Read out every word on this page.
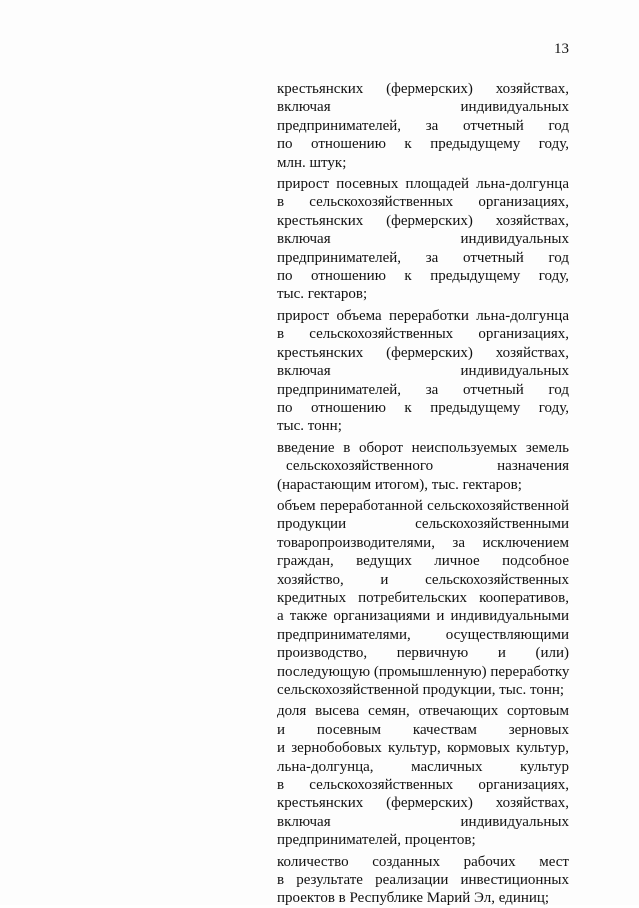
13
крестьянских (фермерских) хозяйствах,
включая индивидуальных
предпринимателей, за отчетный год
по отношению к предыдущему году,
млн. штук;
прирост посевных площадей льна-долгунца
в сельскохозяйственных организациях,
крестьянских (фермерских) хозяйствах,
включая индивидуальных
предпринимателей, за отчетный год
по отношению к предыдущему году,
тыс. гектаров;
прирост объема переработки льна-долгунца
в сельскохозяйственных организациях,
крестьянских (фермерских) хозяйствах,
включая индивидуальных
предпринимателей, за отчетный год
по отношению к предыдущему году,
тыс. тонн;
введение в оборот неиспользуемых земель
сельскохозяйственного назначения
(нарастающим итогом), тыс. гектаров;
объем переработанной сельскохозяйственной
продукции сельскохозяйственными
товаропроизводителями, за исключением
граждан, ведущих личное подсобное
хозяйство, и сельскохозяйственных
кредитных потребительских кооперативов,
а также организациями и индивидуальными
предпринимателями, осуществляющими
производство, первичную и (или)
последующую (промышленную) переработку
сельскохозяйственной продукции, тыс. тонн;
доля высева семян, отвечающих сортовым
и посевным качествам зерновых
и зернобобовых культур, кормовых культур,
льна-долгунца, масличных культур
в сельскохозяйственных организациях,
крестьянских (фермерских) хозяйствах,
включая индивидуальных
предпринимателей, процентов;
количество созданных рабочих мест
в результате реализации инвестиционных
проектов в Республике Марий Эл, единиц;
